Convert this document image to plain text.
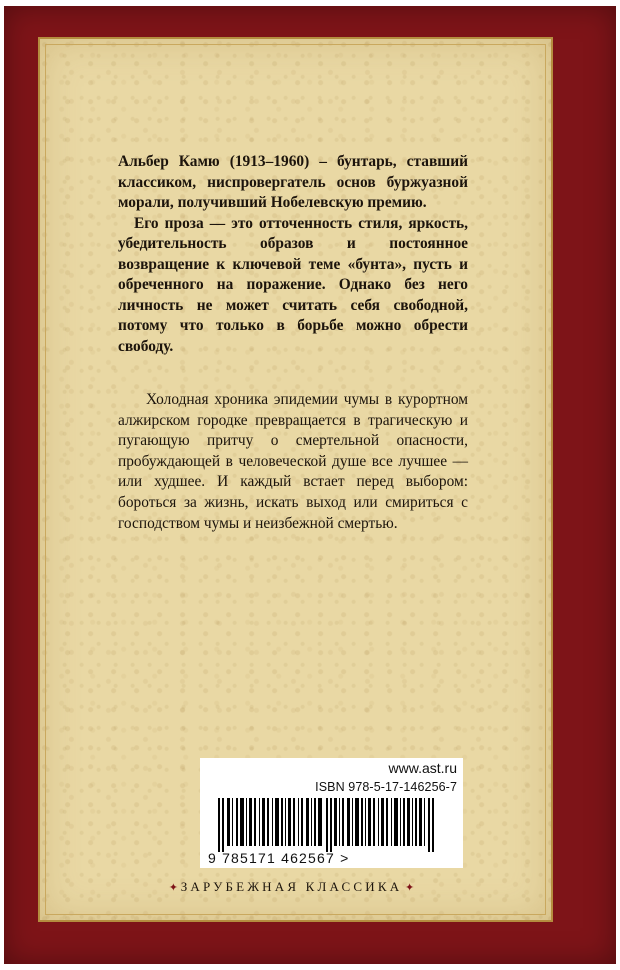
Альбер Камю (1913–1960) – бунтарь, ставший классиком, ниспровергатель основ буржуазной морали, получивший Нобелевскую премию.

Его проза — это отточенность стиля, яркость, убедительность образов и постоянное возвращение к ключевой теме «бунта», пусть и обреченного на поражение. Однако без него личность не может считать себя свободной, потому что только в борьбе можно обрести свободу.

Холодная хроника эпидемии чумы в курортном алжирском городке превращается в трагическую и пугающую притчу о смертельной опасности, пробуждающей в человеческой душе все лучшее — или худшее. И каждый встает перед выбором: бороться за жизнь, искать выход или смириться с господством чумы и неизбежной смертью.

www.ast.ru
ISBN 978-5-17-146256-7
9 785171 462567 >
✦ ЗАРУБЕЖНАЯ КЛАССИКА ✦
